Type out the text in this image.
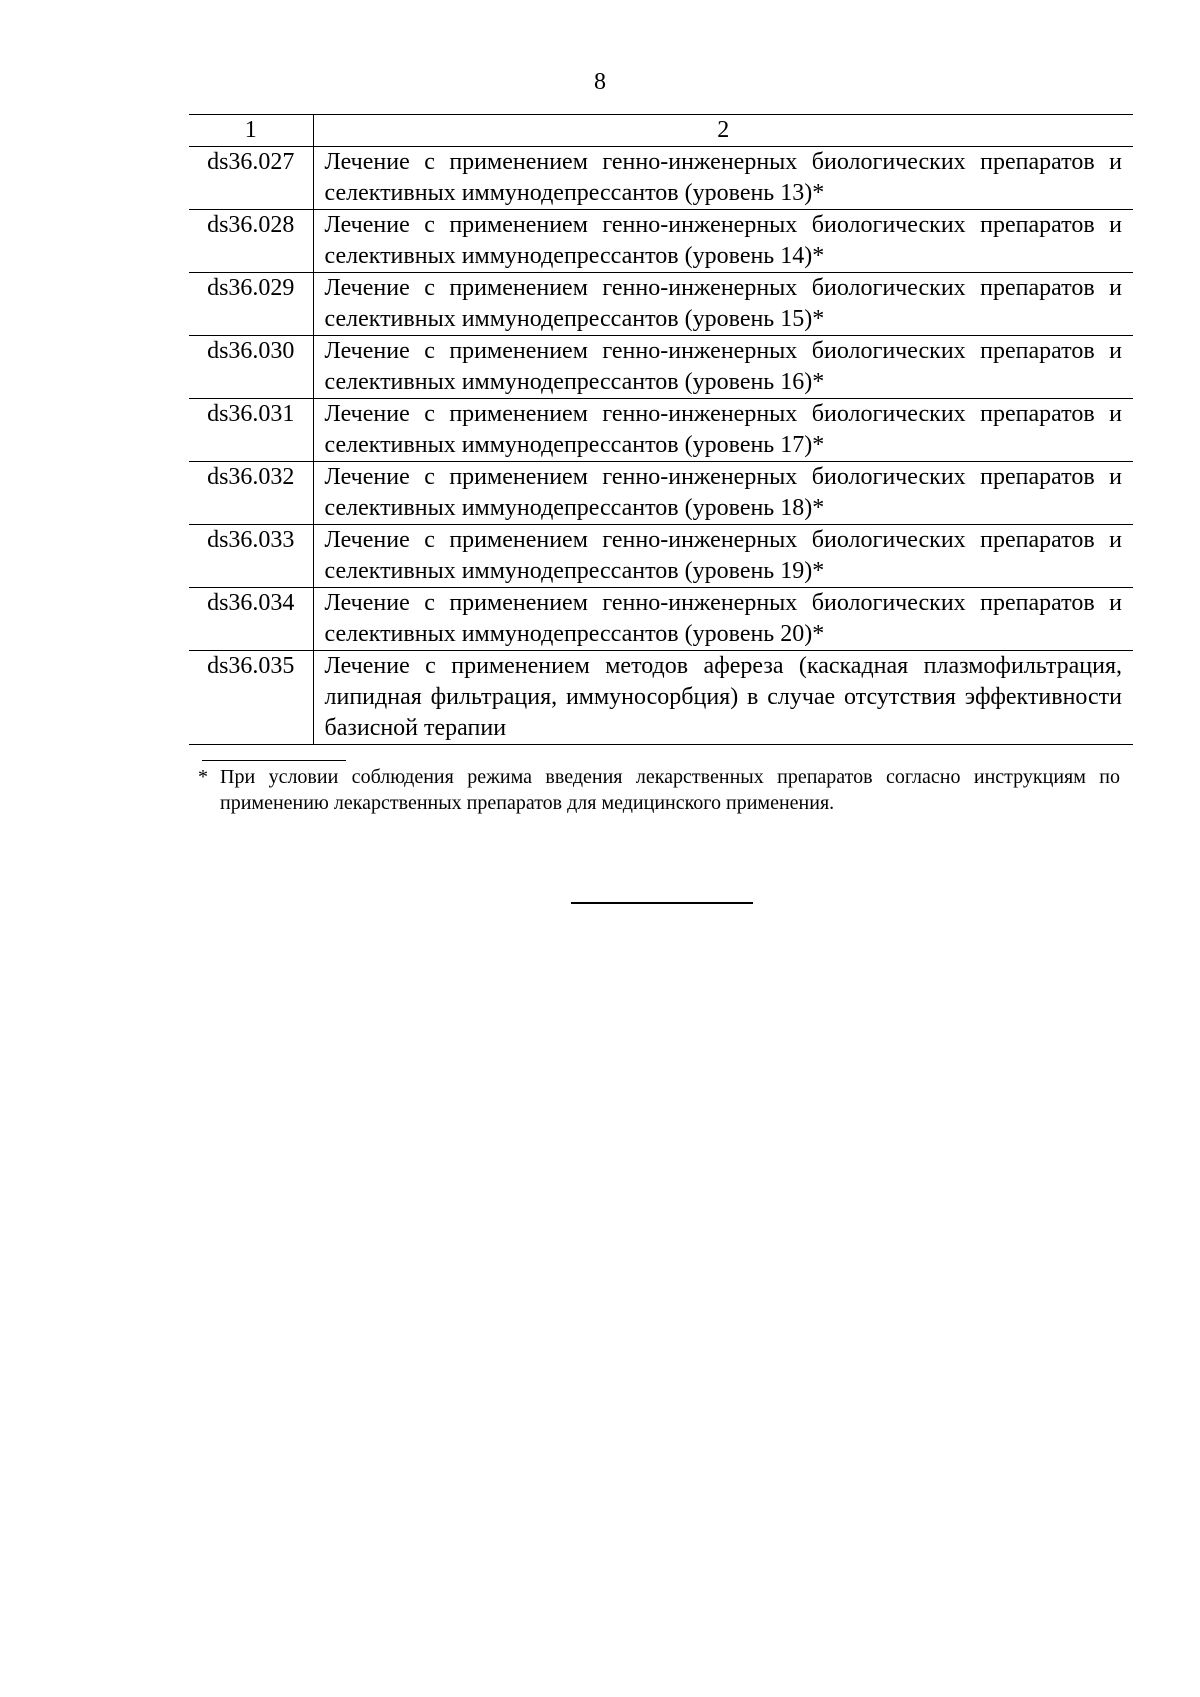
8
1	2
ds36.027	Лечение с применением генно-инженерных биологических препаратов и селективных иммунодепрессантов (уровень 13)*
ds36.028	Лечение с применением генно-инженерных биологических препаратов и селективных иммунодепрессантов (уровень 14)*
ds36.029	Лечение с применением генно-инженерных биологических препаратов и селективных иммунодепрессантов (уровень 15)*
ds36.030	Лечение с применением генно-инженерных биологических препаратов и селективных иммунодепрессантов (уровень 16)*
ds36.031	Лечение с применением генно-инженерных биологических препаратов и селективных иммунодепрессантов (уровень 17)*
ds36.032	Лечение с применением генно-инженерных биологических препаратов и селективных иммунодепрессантов (уровень 18)*
ds36.033	Лечение с применением генно-инженерных биологических препаратов и селективных иммунодепрессантов (уровень 19)*
ds36.034	Лечение с применением генно-инженерных биологических препаратов и селективных иммунодепрессантов (уровень 20)*
ds36.035	Лечение с применением методов афереза (каскадная плазмофильтрация, липидная фильтрация, иммуносорбция) в случае отсутствия эффективности базисной терапии
* При условии соблюдения режима введения лекарственных препаратов согласно инструкциям по применению лекарственных препаратов для медицинского применения.
